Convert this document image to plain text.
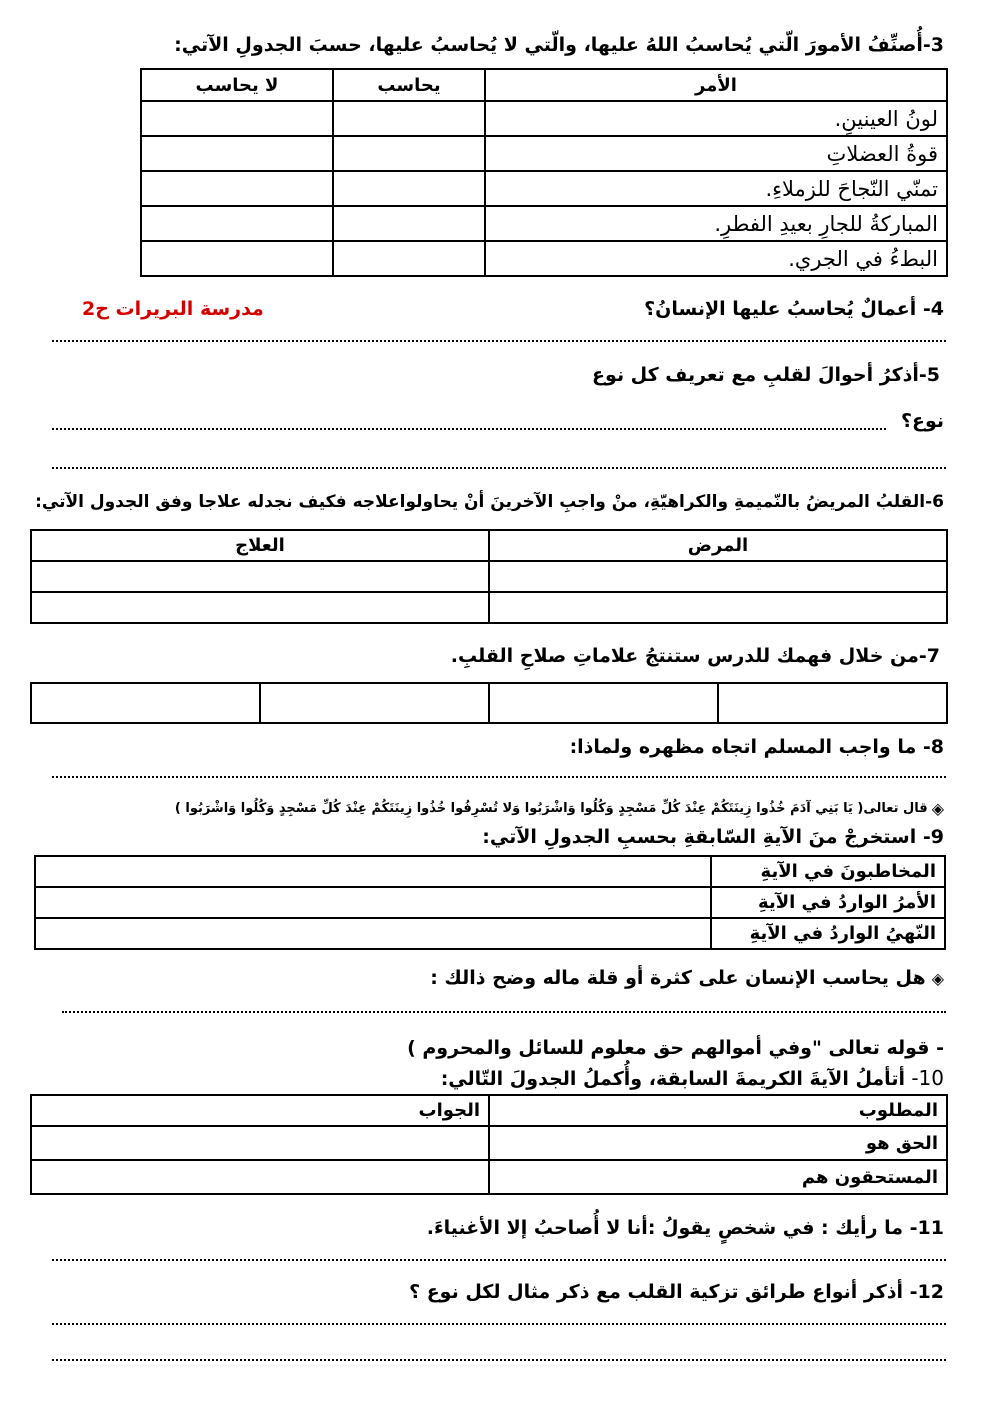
3-أُصنِّفُ الأمورَ الّتي يُحاسبُ اللهُ عليها، والّتي لا يُحاسبُ عليها، حسبَ الجدولِ الآتي:
الأمر	يحاسب	لا يحاسب
لونُ العينينِ.		
قوةُ العضلاتِ		
تمنّي النّجاحَ للزملاءِ.		
المباركةُ للجارِ بعيدِ الفطرِ.		
البطءُ في الجري.		
4- أعمالٌ يُحاسبُ عليها الإنسانُ؟
مدرسة البريرات ح2
5-أذكرُ أحوالَ لقلبِ مع تعريف كل نوع
نوع؟
6-القلبُ المريضُ بالنّميمةِ والكراهيّةِ، منْ واجبِ الآخرينَ أنْ يحاولواعلاجه فكيف نجدله علاجا وفق الجدول الآتي:
المرض	العلاج

7-من خلال فهمك للدرس ستنتجُ علاماتِ صلاحِ القلبِ.

8- ما واجب المسلم اتجاه مظهره ولماذا:
◈
قال تعالى( يَا بَنِي آدَمَ خُذُوا زِينَتَكُمْ عِنْدَ كُلِّ مَسْجِدٍ وَكُلُوا وَاشْرَبُوا وَلا تُسْرِفُوا خُذُوا زِينَتَكُمْ عِنْدَ كُلِّ مَسْجِدٍ وَكُلُوا وَاشْرَبُوا )
9- استخرجْ منَ الآيةِ السّابقةِ بحسبِ الجدولِ الآتي:
المخاطبونَ في الآيةِ	
الأمرُ الواردُ في الآيةِ	
النّهيُ الواردُ في الآيةِ	
◈
هل يحاسب الإنسان على كثرة أو قلة ماله وضح ذالك :
- قوله تعالى "وفي أموالهم حق معلوم للسائل والمحروم )
10- أتأملُ الآيةَ الكريمةَ السابقة، وأُكملُ الجدولَ التّالي:
المطلوب	الجواب
الحق هو	
المستحقون هم	
11- ما رأيك : في شخصٍ يقولُ :أنا لا أُصاحبُ إلا الأغنياءَ.
12- أذكر أنواع طرائق تزكية القلب مع ذكر مثال لكل نوع ؟
